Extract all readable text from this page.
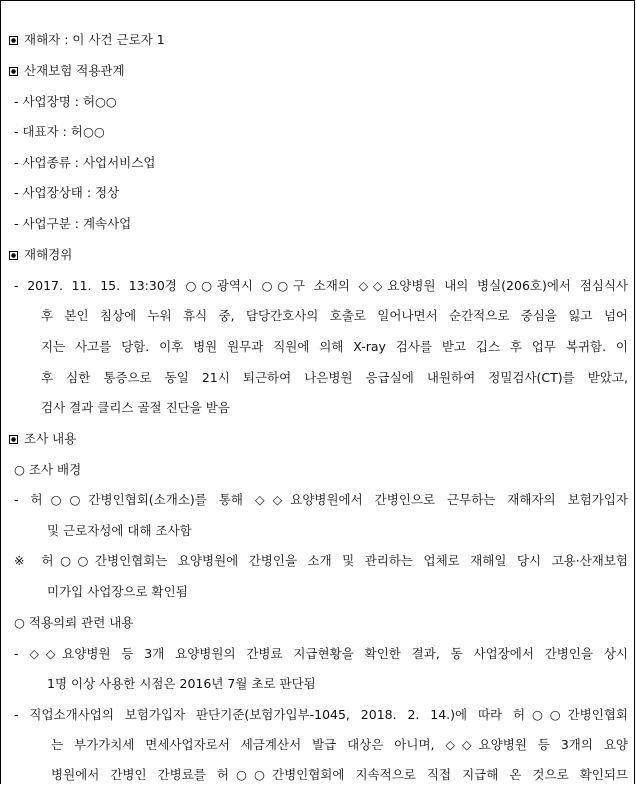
재해자 : 이 사건 근로자 1
산재보험 적용관계
- 사업장명 : 허○○
- 대표자 : 허○○
- 사업종류 : 사업서비스업
- 사업장상태 : 정상
- 사업구분 : 계속사업
재해경위
- 2017. 11. 15. 13:30경 ○○광역시 ○○구 소재의 ◇◇요양병원 내의 병실(206호)에서 점심식사
후 본인 침상에 누워 휴식 중, 담당간호사의 호출로 일어나면서 순간적으로 중심을 잃고 넘어
지는 사고를 당함. 이후 병원 원무과 직원에 의해 X-ray 검사를 받고 깁스 후 업무 복귀함. 이
후 심한 통증으로 동일 21시 퇴근하여 나은병원 응급실에 내원하여 정밀검사(CT)를 받았고,
검사 결과 클리스 골절 진단을 받음
조사 내용
○ 조사 배경
- 허○○간병인협회(소개소)를 통해 ◇◇요양병원에서 간병인으로 근무하는 재해자의 보험가입자
및 근로자성에 대해 조사함
※ 허○○간병인협회는 요양병원에 간병인을 소개 및 관리하는 업체로 재해일 당시 고용·산재보험
미가입 사업장으로 확인됨
○ 적용의뢰 관련 내용
- ◇◇요양병원 등 3개 요양병원의 간병료 지급현황을 확인한 결과, 동 사업장에서 간병인을 상시
1명 이상 사용한 시점은 2016년 7월 초로 판단됨
- 직업소개사업의 보험가입자 판단기준(보험가입부-1045, 2018. 2. 14.)에 따라 허○○간병인협회
는 부가가치세 면세사업자로서 세금계산서 발급 대상은 아니며, ◇◇요양병원 등 3개의 요양
병원에서 간병인 간병료를 허○○간병인협회에 지속적으로 직접 지급해 온 것으로 확인되므
